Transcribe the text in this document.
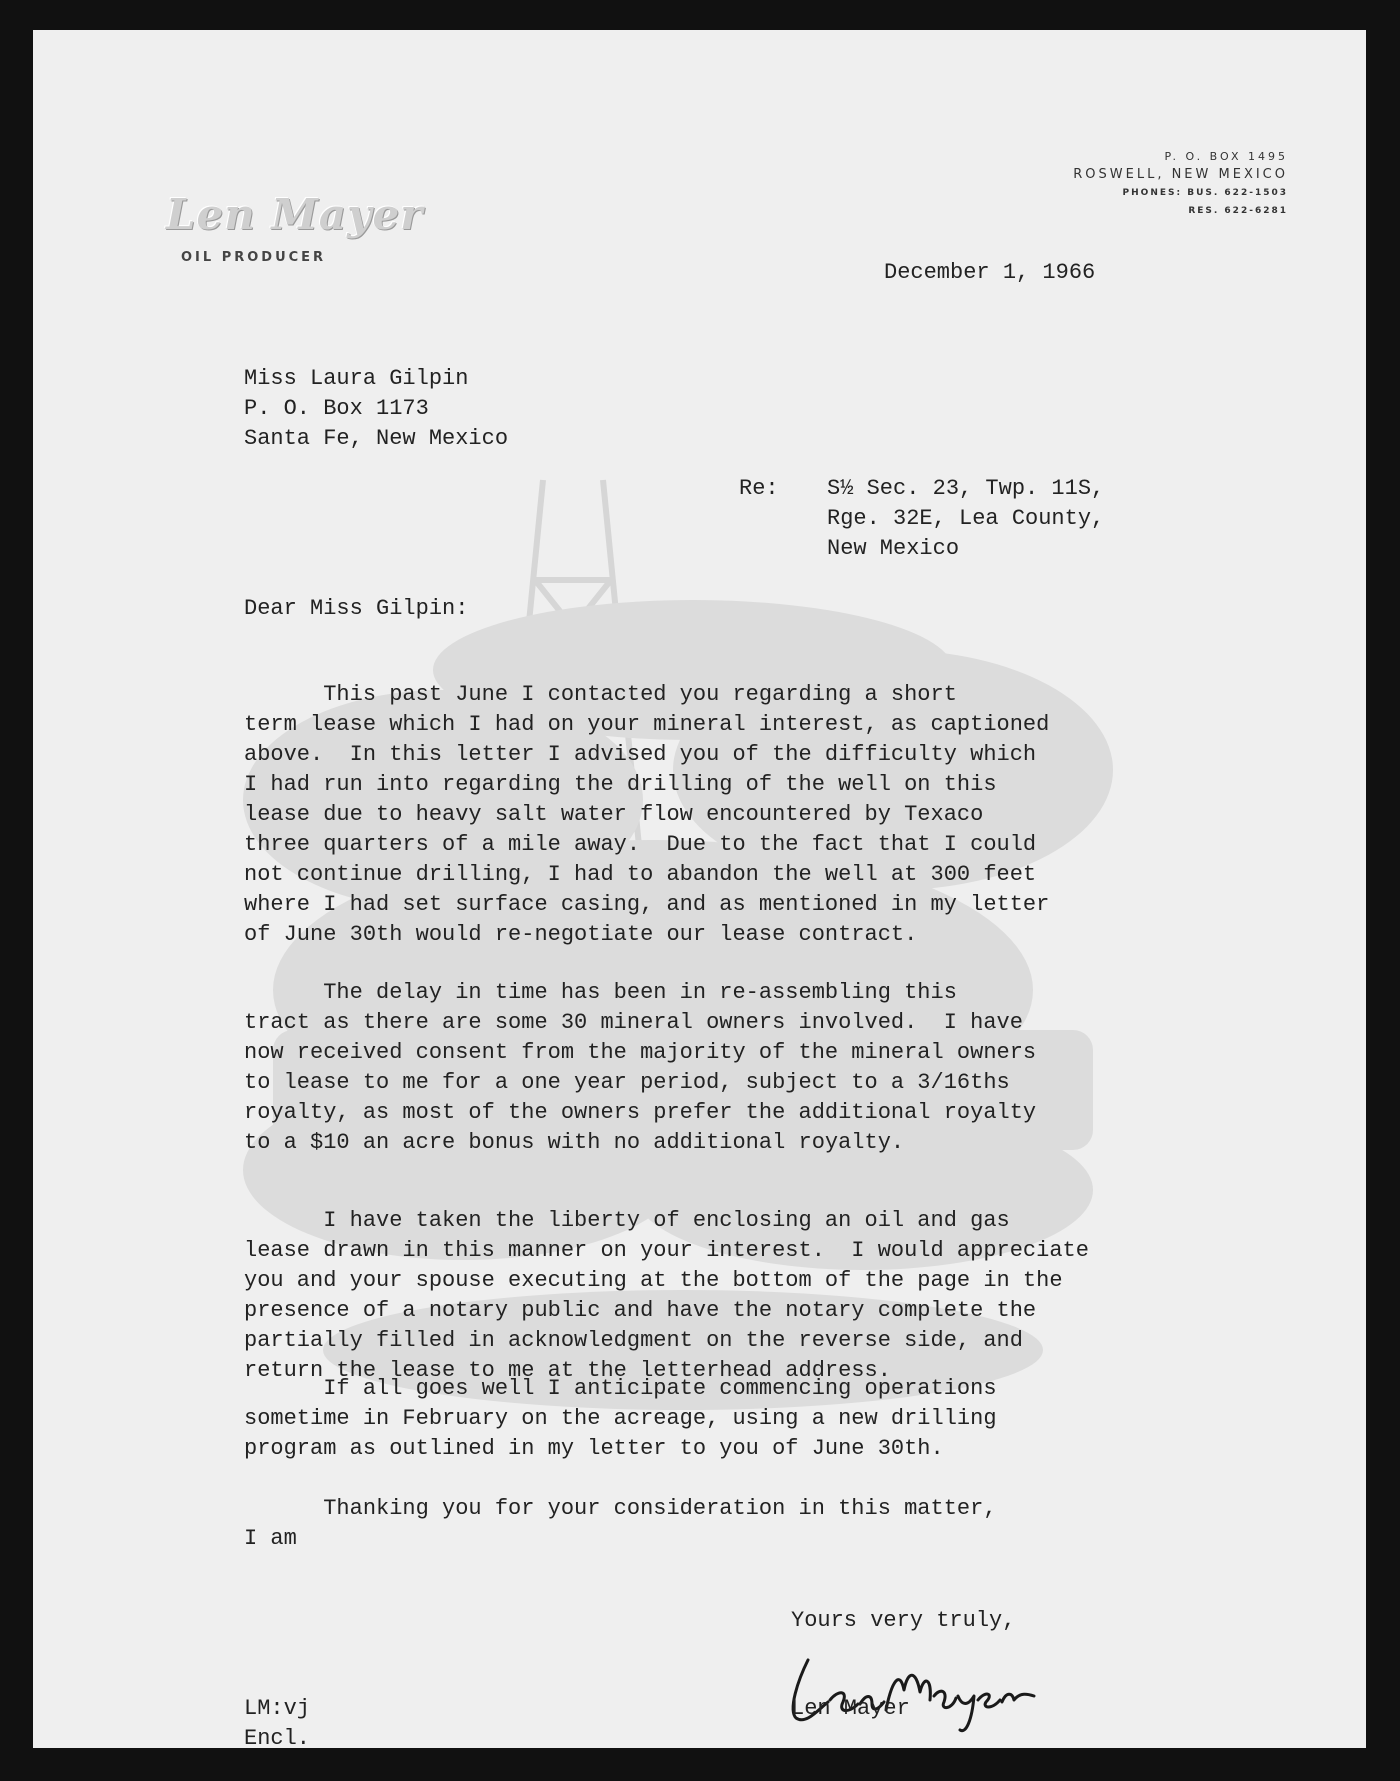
Len Mayer
OIL PRODUCER
P. O. BOX 1495
ROSWELL, NEW MEXICO
PHONES: BUS. 622-1503
RES. 622-6281
December 1, 1966
Miss Laura Gilpin
P. O. Box 1173
Santa Fe, New Mexico
Re: S½ Sec. 23, Twp. 11S,
Rge. 32E, Lea County,
New Mexico
Dear Miss Gilpin:
This past June I contacted you regarding a short
term lease which I had on your mineral interest, as captioned
above.  In this letter I advised you of the difficulty which
I had run into regarding the drilling of the well on this
lease due to heavy salt water flow encountered by Texaco
three quarters of a mile away.  Due to the fact that I could
not continue drilling, I had to abandon the well at 300 feet
where I had set surface casing, and as mentioned in my letter
of June 30th would re-negotiate our lease contract.
The delay in time has been in re-assembling this
tract as there are some 30 mineral owners involved.  I have
now received consent from the majority of the mineral owners
to lease to me for a one year period, subject to a 3/16ths
royalty, as most of the owners prefer the additional royalty
to a $10 an acre bonus with no additional royalty.
I have taken the liberty of enclosing an oil and gas
lease drawn in this manner on your interest.  I would appreciate
you and your spouse executing at the bottom of the page in the
presence of a notary public and have the notary complete the
partially filled in acknowledgment on the reverse side, and
return the lease to me at the letterhead address.
If all goes well I anticipate commencing operations
sometime in February on the acreage, using a new drilling
program as outlined in my letter to you of June 30th.
Thanking you for your consideration in this matter,
I am
Yours very truly,
Len Mayer
LM:vj
Encl.
